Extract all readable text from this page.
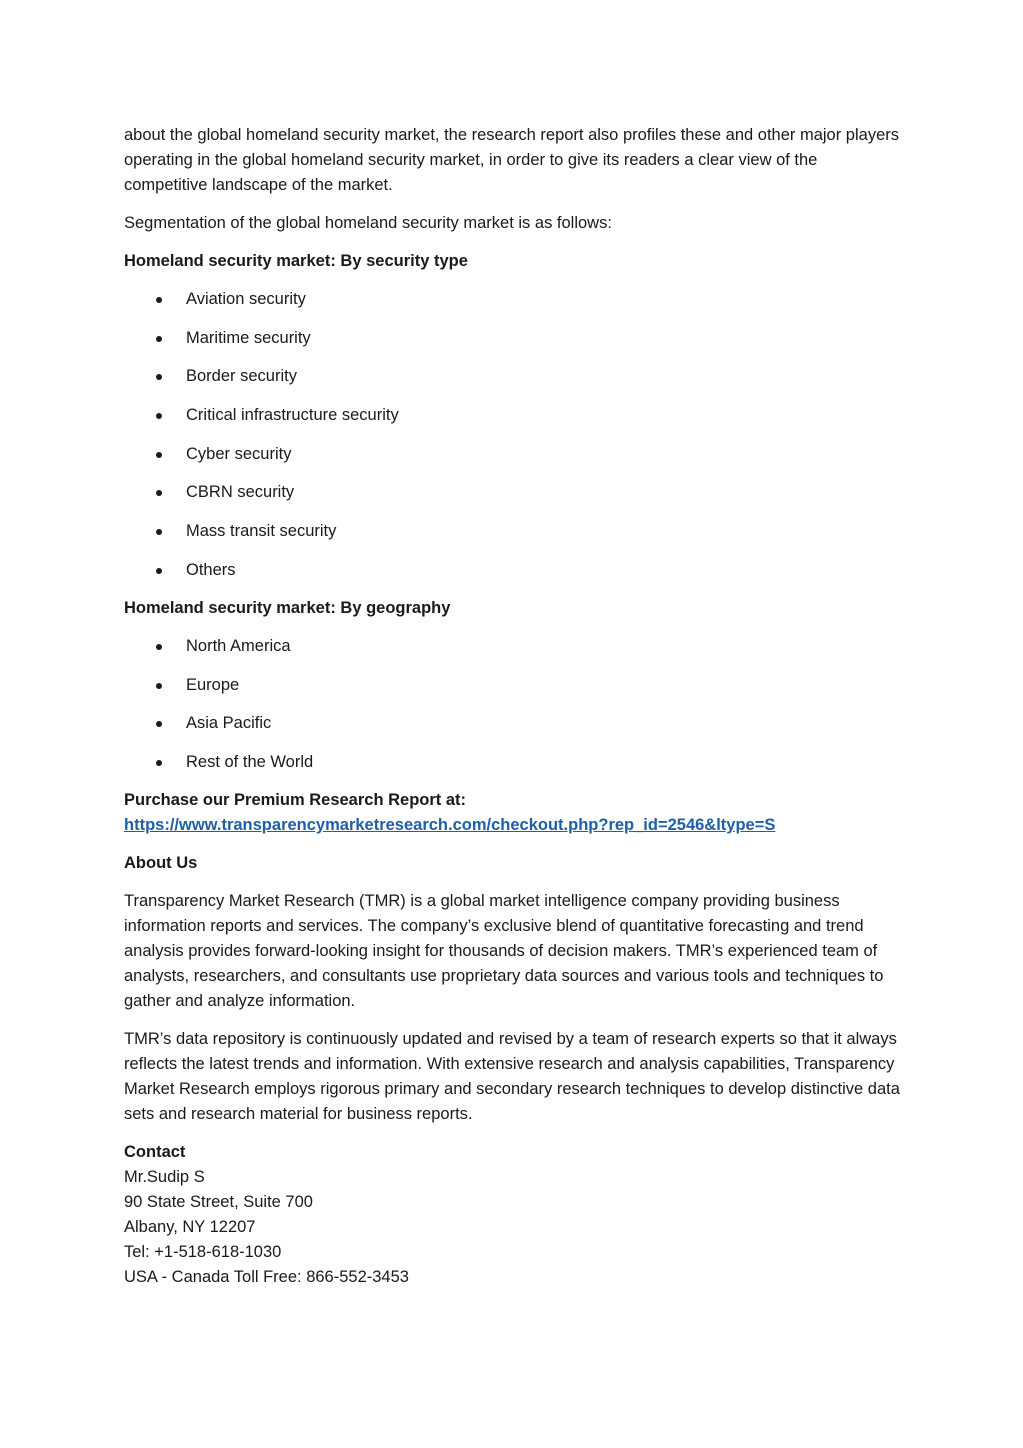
about the global homeland security market, the research report also profiles these and other major players operating in the global homeland security market, in order to give its readers a clear view of the competitive landscape of the market.

Segmentation of the global homeland security market is as follows:

Homeland security market: By security type
Aviation security
Maritime security
Border security
Critical infrastructure security
Cyber security
CBRN security
Mass transit security
Others
Homeland security market: By geography
North America
Europe
Asia Pacific
Rest of the World
Purchase our Premium Research Report at:
https://www.transparencymarketresearch.com/checkout.php?rep_id=2546&ltype=S
About Us

Transparency Market Research (TMR) is a global market intelligence company providing business information reports and services. The company’s exclusive blend of quantitative forecasting and trend analysis provides forward-looking insight for thousands of decision makers. TMR’s experienced team of analysts, researchers, and consultants use proprietary data sources and various tools and techniques to gather and analyze information.

TMR’s data repository is continuously updated and revised by a team of research experts so that it always reflects the latest trends and information. With extensive research and analysis capabilities, Transparency Market Research employs rigorous primary and secondary research techniques to develop distinctive data sets and research material for business reports.

Contact
Mr.Sudip S
90 State Street, Suite 700
Albany, NY 12207
Tel: +1-518-618-1030
USA - Canada Toll Free: 866-552-3453
